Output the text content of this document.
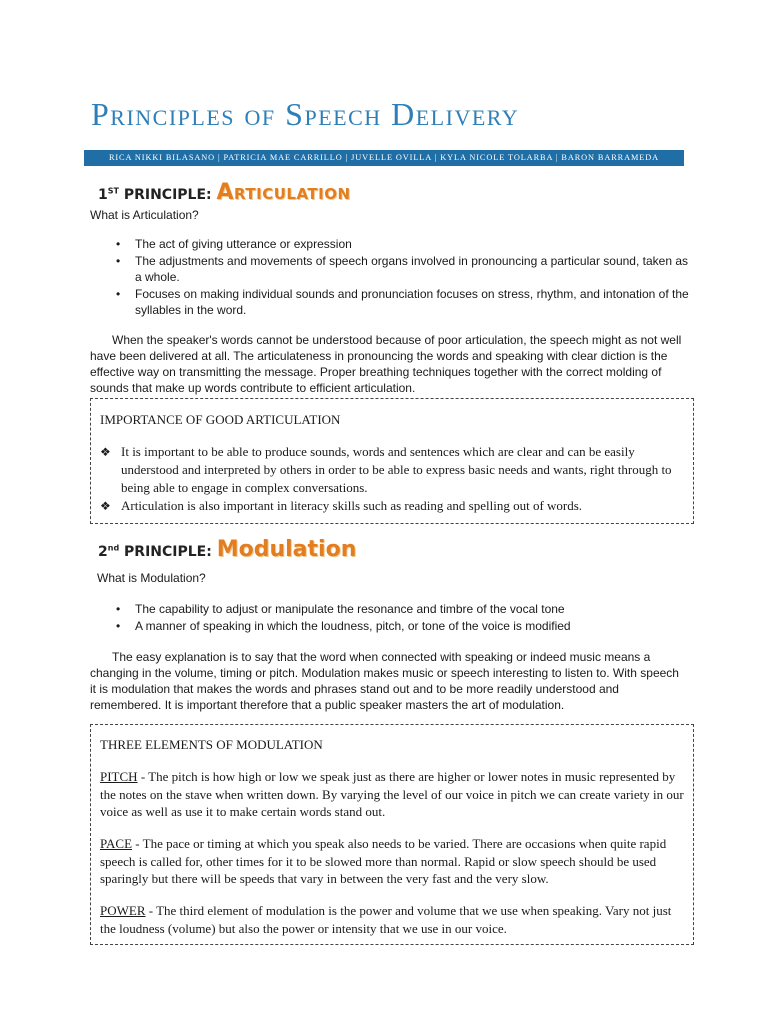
Principles of Speech Delivery
RICA NIKKI BILASANO | PATRICIA MAE CARRILLO | JUVELLE OVILLA | KYLA NICOLE TOLARBA | BARON BARRAMEDA
1ST PRINCIPLE: Articulation
What is Articulation?
• The act of giving utterance or expression
• The adjustments and movements of speech organs involved in pronouncing a particular sound, taken as a whole.
• Focuses on making individual sounds and pronunciation focuses on stress, rhythm, and intonation of the syllables in the word.

When the speaker's words cannot be understood because of poor articulation, the speech might as not well have been delivered at all. The articulateness in pronouncing the words and speaking with clear diction is the effective way on transmitting the message. Proper breathing techniques together with the correct molding of sounds that make up words contribute to efficient articulation.

IMPORTANCE OF GOOD ARTICULATION
❖ It is important to be able to produce sounds, words and sentences which are clear and can be easily understood and interpreted by others in order to be able to express basic needs and wants, right through to being able to engage in complex conversations.
❖ Articulation is also important in literacy skills such as reading and spelling out of words.
2nd PRINCIPLE: Modulation
What is Modulation?
• The capability to adjust or manipulate the resonance and timbre of the vocal tone
• A manner of speaking in which the loudness, pitch, or tone of the voice is modified

The easy explanation is to say that the word when connected with speaking or indeed music means a changing in the volume, timing or pitch. Modulation makes music or speech interesting to listen to. With speech it is modulation that makes the words and phrases stand out and to be more readily understood and remembered. It is important therefore that a public speaker masters the art of modulation.

THREE ELEMENTS OF MODULATION

PITCH - The pitch is how high or low we speak just as there are higher or lower notes in music represented by the notes on the stave when written down. By varying the level of our voice in pitch we can create variety in our voice as well as use it to make certain words stand out.

PACE - The pace or timing at which you speak also needs to be varied. There are occasions when quite rapid speech is called for, other times for it to be slowed more than normal. Rapid or slow speech should be used sparingly but there will be speeds that vary in between the very fast and the very slow.

POWER - The third element of modulation is the power and volume that we use when speaking. Vary not just the loudness (volume) but also the power or intensity that we use in our voice.
